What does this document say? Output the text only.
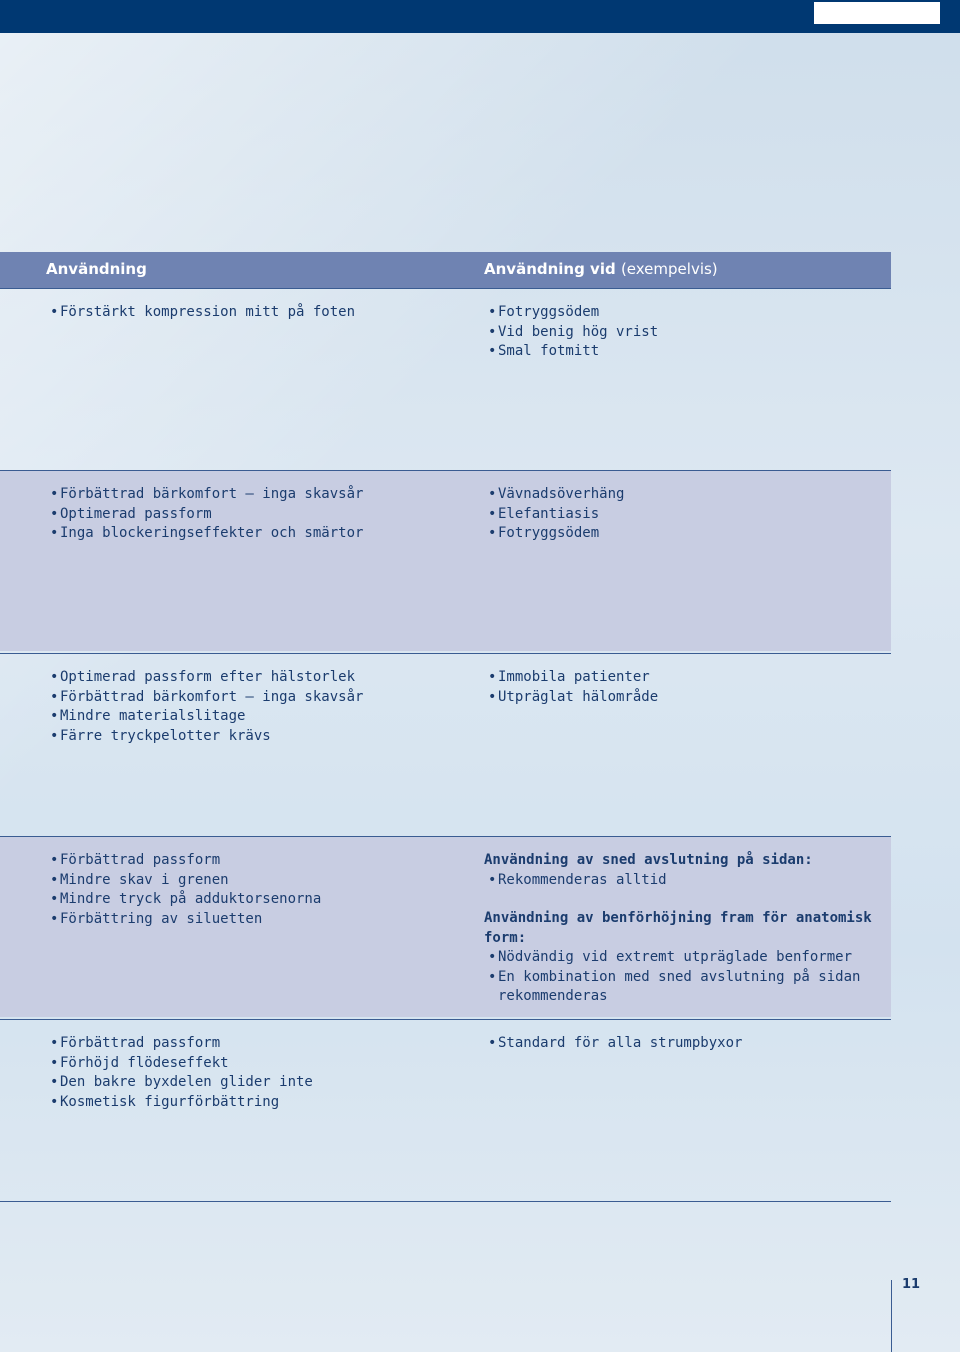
Användning	Användning vid (exempelvis)
• Förstärkt kompression mitt på foten
•	Fotryggsödem
• Vid benig hög vrist
• Smal fotmitt
• Förbättrad bärkomfort – inga skavsår
• Optimerad passform
• Inga blockeringseffekter och smärtor
• Vävnadsöverhäng
• Elefantiasis
• Fotryggsödem
• Optimerad passform efter hälstorlek
• Förbättrad bärkomfort – inga skavsår
• Mindre materialslitage
• Färre tryckpelotter krävs
• Immobila patienter
• Utpräglat hälområde
• Förbättrad passform
• Mindre skav i grenen
• Mindre tryck på adduktorsenorna
• Förbättring av siluetten
Användning av sned avslutning på sidan:
• Rekommenderas alltid
Användning av benförhöjning fram för anatomisk form:
• Nödvändig vid extremt utpräglade benformer
• En kombination med sned avslutning på sidan rekommenderas
• Förbättrad passform
• Förhöjd flödeseffekt
• Den bakre byxdelen glider inte
• Kosmetisk figurförbättring
• Standard för alla strumpbyxor
11
